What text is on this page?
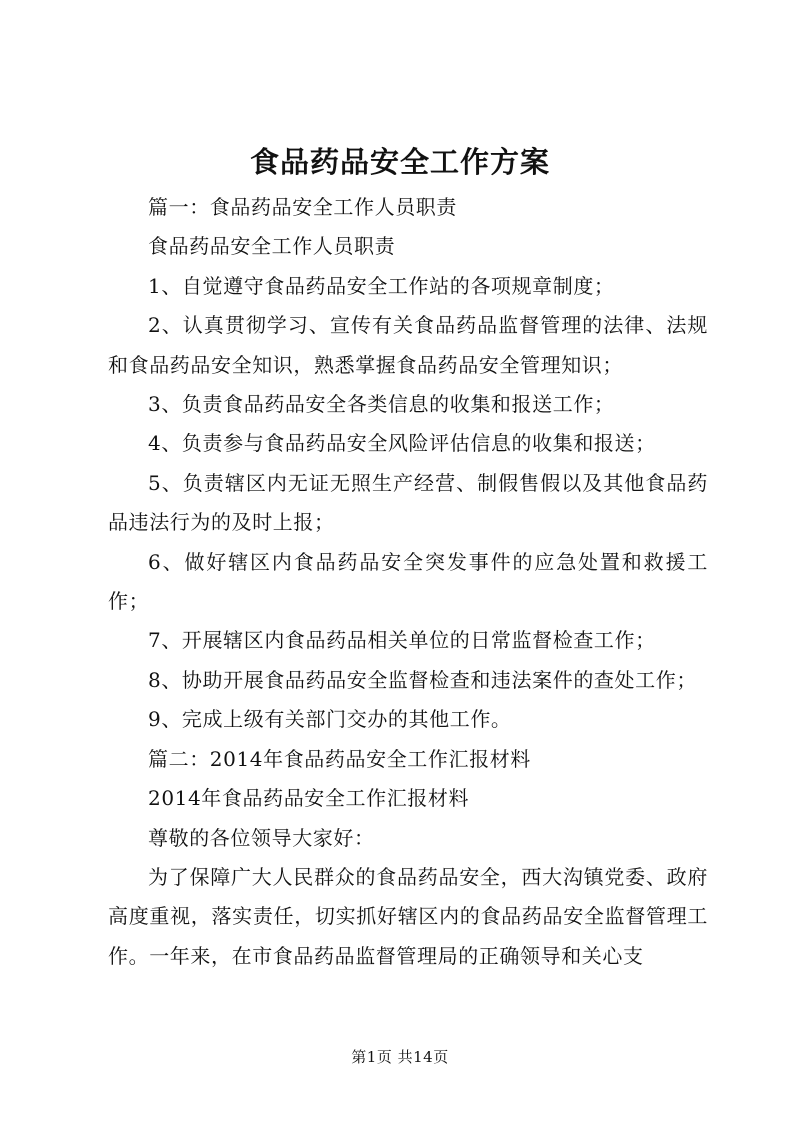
食品药品安全工作方案

篇一：食品药品安全工作人员职责

食品药品安全工作人员职责

1、自觉遵守食品药品安全工作站的各项规章制度；

2、认真贯彻学习、宣传有关食品药品监督管理的法律、法规和食品药品安全知识，熟悉掌握食品药品安全管理知识；

3、负责食品药品安全各类信息的收集和报送工作；

4、负责参与食品药品安全风险评估信息的收集和报送；

5、负责辖区内无证无照生产经营、制假售假以及其他食品药品违法行为的及时上报；

6、做好辖区内食品药品安全突发事件的应急处置和救援工作；

7、开展辖区内食品药品相关单位的日常监督检查工作；

8、协助开展食品药品安全监督检查和违法案件的查处工作；

9、完成上级有关部门交办的其他工作。

篇二：2014年食品药品安全工作汇报材料

2014年食品药品安全工作汇报材料

尊敬的各位领导大家好：

为了保障广大人民群众的食品药品安全，西大沟镇党委、政府高度重视，落实责任，切实抓好辖区内的食品药品安全监督管理工作。一年来，在市食品药品监督管理局的正确领导和关心支

第1页 共14页
